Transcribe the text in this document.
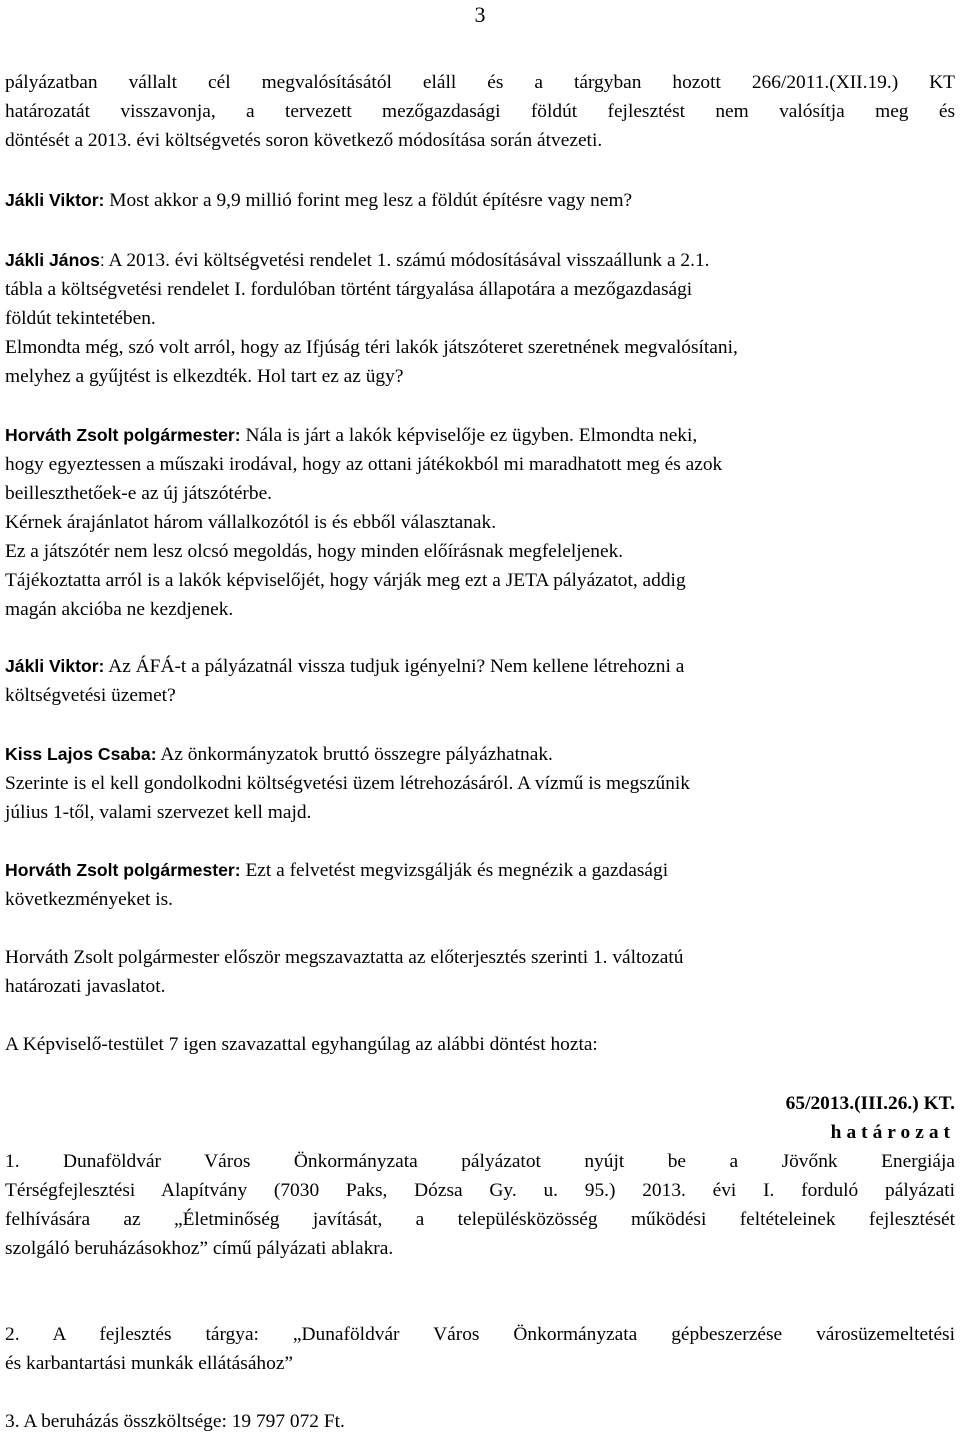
3
pályázatban vállalt cél megvalósításától eláll és a tárgyban hozott 266/2011.(XII.19.) KT
határozatát visszavonja, a tervezett mezőgazdasági földút fejlesztést nem valósítja meg és
döntését a 2013. évi költségvetés soron következő módosítása során átvezeti.
Jákli Viktor: Most akkor a 9,9 millió forint meg lesz a földút építésre vagy nem?
Jákli János: A 2013. évi költségvetési rendelet 1. számú módosításával visszaállunk a 2.1.
tábla a költségvetési rendelet I. fordulóban történt tárgyalása állapotára a mezőgazdasági
földút tekintetében.
Elmondta még, szó volt arról, hogy az Ifjúság téri lakók játszóteret szeretnének megvalósítani,
melyhez a gyűjtést is elkezdték. Hol tart ez az ügy?
Horváth Zsolt polgármester: Nála is járt a lakók képviselője ez ügyben. Elmondta neki,
hogy egyeztessen a műszaki irodával, hogy az ottani játékokból mi maradhatott meg és azok
beilleszthetőek-e az új játszótérbe.
Kérnek árajánlatot három vállalkozótól is és ebből választanak.
Ez a játszótér nem lesz olcsó megoldás, hogy minden előírásnak megfeleljenek.
Tájékoztatta arról is a lakók képviselőjét, hogy várják meg ezt a JETA pályázatot, addig
magán akcióba ne kezdjenek.
Jákli Viktor: Az ÁFÁ-t a pályázatnál vissza tudjuk igényelni? Nem kellene létrehozni a
költségvetési üzemet?
Kiss Lajos Csaba: Az önkormányzatok bruttó összegre pályázhatnak.
Szerinte is el kell gondolkodni költségvetési üzem létrehozásáról. A vízmű is megszűnik
július 1-től, valami szervezet kell majd.
Horváth Zsolt polgármester: Ezt a felvetést megvizsgálják és megnézik a gazdasági
következményeket is.
Horváth Zsolt polgármester először megszavaztatta az előterjesztés szerinti 1. változatú
határozati javaslatot.
A Képviselő-testület 7 igen szavazattal egyhangúlag az alábbi döntést hozta:
65/2013.(III.26.) KT.
határozat
1. Dunaföldvár Város Önkormányzata pályázatot nyújt be a Jövőnk Energiája
Térségfejlesztési Alapítvány (7030 Paks, Dózsa Gy. u. 95.) 2013. évi I. forduló pályázati
felhívására az „Életminőség javítását, a településközösség működési feltételeinek fejlesztését
szolgáló beruházásokhoz” című pályázati ablakra.
2. A fejlesztés tárgya: „Dunaföldvár Város Önkormányzata gépbeszerzése városüzemeltetési
és karbantartási munkák ellátásához”
3. A beruházás összköltsége: 19 797 072 Ft.
